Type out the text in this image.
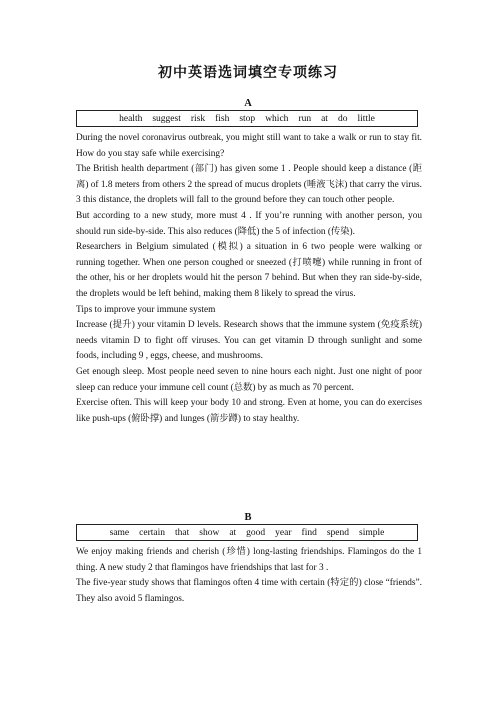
初中英语选词填空专项练习
A
health suggest risk fish stop which run at do little

During the novel coronavirus outbreak, you might still want to take a walk or run to stay fit. How do you stay safe while exercising?

The British health department (部门) has given some 1 . People should keep a distance (距离) of 1.8 meters from others 2 the spread of mucus droplets (唾液飞沫) that carry the virus. 3 this distance, the droplets will fall to the ground before they can touch other people.

But according to a new study, more must 4 . If you’re running with another person, you should run side-by-side. This also reduces (降低) the 5 of infection (传染).

Researchers in Belgium simulated (模拟) a situation in 6 two people were walking or running together. When one person coughed or sneezed (打喷嚏) while running in front of the other, his or her droplets would hit the person 7 behind. But when they ran side-by-side, the droplets would be left behind, making them 8 likely to spread the virus.

Tips to improve your immune system

Increase (提升) your vitamin D levels. Research shows that the immune system (免疫系统) needs vitamin D to fight off viruses. You can get vitamin D through sunlight and some foods, including 9 , eggs, cheese, and mushrooms.

Get enough sleep. Most people need seven to nine hours each night. Just one night of poor sleep can reduce your immune cell count (总数) by as much as 70 percent.

Exercise often. This will keep your body 10 and strong. Even at home, you can do exercises like push-ups (俯卧撑) and lunges (箭步蹲) to stay healthy.

B
same certain that show at good year find spend simple

We enjoy making friends and cherish (珍惜) long-lasting friendships. Flamingos do the 1 thing. A new study 2 that flamingos have friendships that last for 3 .

The five-year study shows that flamingos often 4 time with certain (特定的) close “friends”. They also avoid 5 flamingos.
